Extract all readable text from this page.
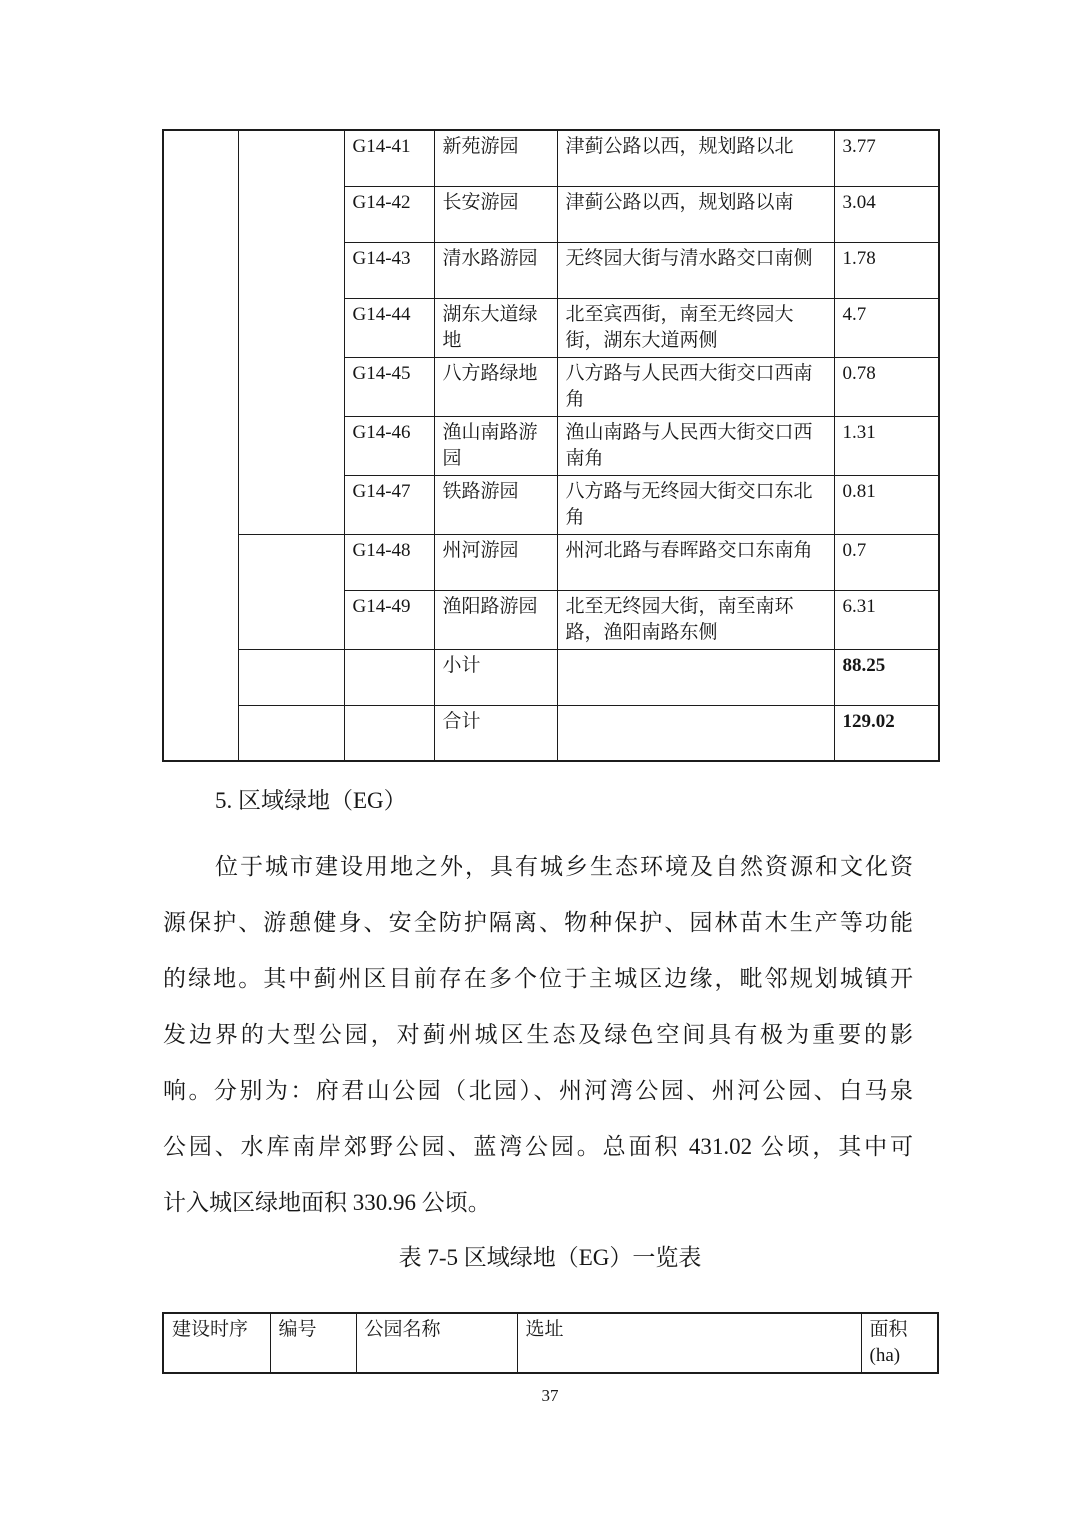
		G14-41	新苑游园	津蓟公路以西，规划路以北	3.77
		G14-42	长安游园	津蓟公路以西，规划路以南	3.04
		G14-43	清水路游园	无终园大街与清水路交口南侧	1.78
		G14-44	湖东大道绿地	北至宾西街，南至无终园大街，湖东大道两侧	4.7
		G14-45	八方路绿地	八方路与人民西大街交口西南角	0.78
		G14-46	渔山南路游园	渔山南路与人民西大街交口西南角	1.31
		G14-47	铁路游园	八方路与无终园大街交口东北角	0.81
		G14-48	州河游园	州河北路与春晖路交口东南角	0.7
		G14-49	渔阳路游园	北至无终园大街，南至南环路，渔阳南路东侧	6.31
			小计		88.25
			合计		129.02
5. 区域绿地（EG）
位于城市建设用地之外，具有城乡生态环境及自然资源和文化资
源保护、游憩健身、安全防护隔离、物种保护、园林苗木生产等功能
的绿地。其中蓟州区目前存在多个位于主城区边缘，毗邻规划城镇开
发边界的大型公园，对蓟州城区生态及绿色空间具有极为重要的影
响。分别为：府君山公园（北园）、州河湾公园、州河公园、白马泉
公园、水库南岸郊野公园、蓝湾公园。总面积 431.02 公顷，其中可
计入城区绿地面积 330.96 公顷。
表 7-5 区域绿地（EG）一览表
建设时序	编号	公园名称	选址	面积
(ha)
37
